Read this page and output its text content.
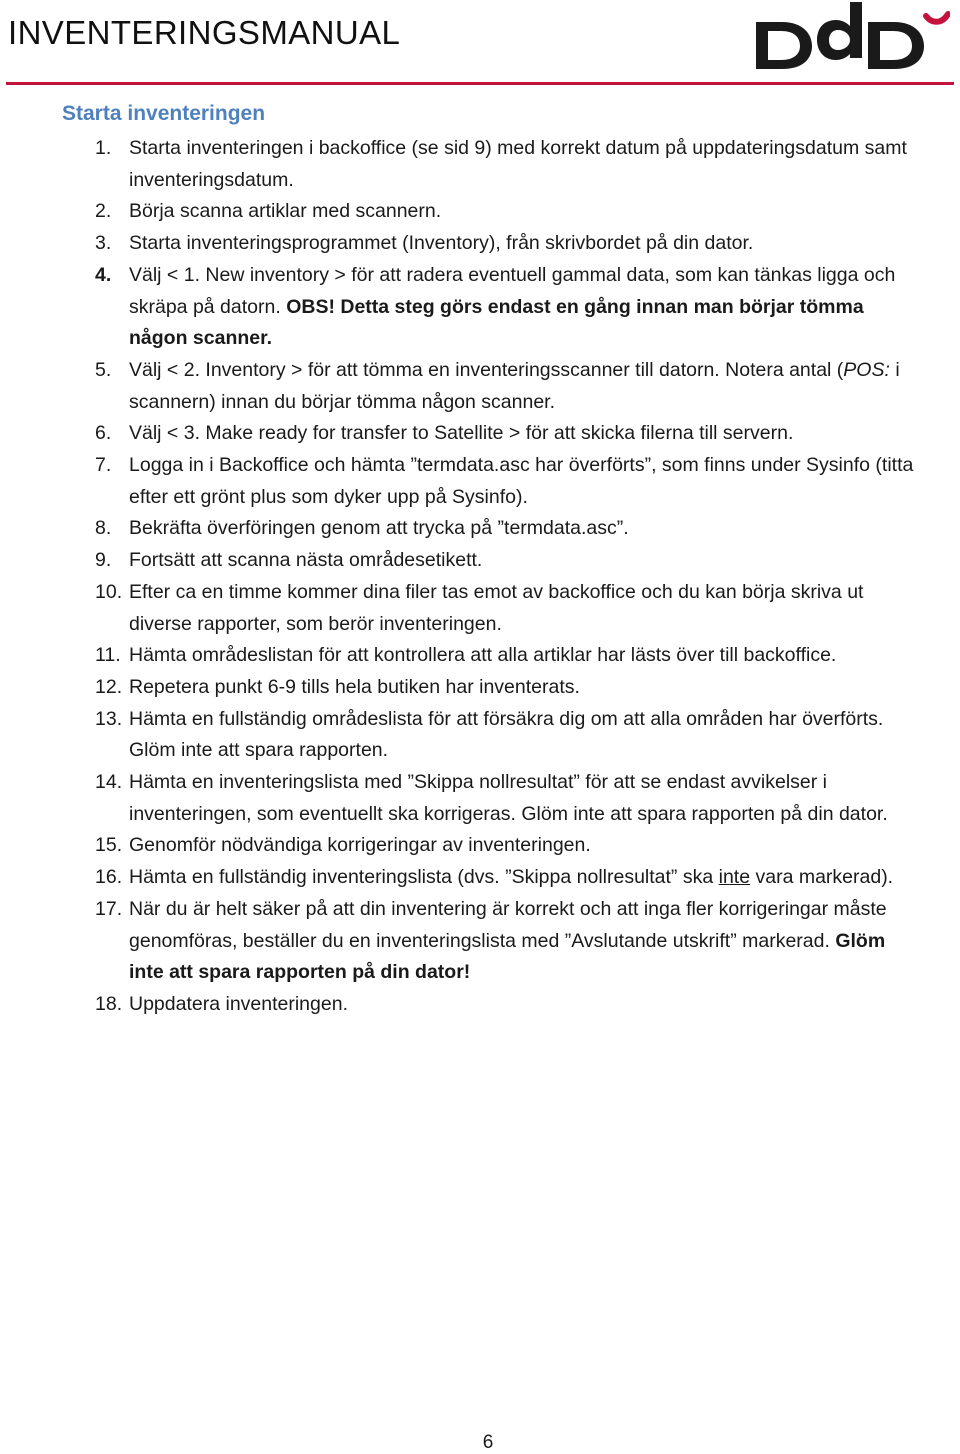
INVENTERINGSMANUAL
Starta inventeringen
1. Starta inventeringen i backoffice (se sid 9) med korrekt datum på uppdateringsdatum samt inventeringsdatum.
2. Börja scanna artiklar med scannern.
3. Starta inventeringsprogrammet (Inventory), från skrivbordet på din dator.
4. Välj < 1. New inventory > för att radera eventuell gammal data, som kan tänkas ligga och skräpa på datorn. OBS! Detta steg görs endast en gång innan man börjar tömma någon scanner.
5. Välj < 2. Inventory > för att tömma en inventeringsscanner till datorn. Notera antal (POS: i scannern) innan du börjar tömma någon scanner.
6. Välj < 3. Make ready for transfer to Satellite > för att skicka filerna till servern.
7. Logga in i Backoffice och hämta ”termdata.asc har överförts”, som finns under Sysinfo (titta efter ett grönt plus som dyker upp på Sysinfo).
8. Bekräfta överföringen genom att trycka på ”termdata.asc”.
9. Fortsätt att scanna nästa områdesetikett.
10. Efter ca en timme kommer dina filer tas emot av backoffice och du kan börja skriva ut diverse rapporter, som berör inventeringen.
11. Hämta områdeslistan för att kontrollera att alla artiklar har lästs över till backoffice.
12. Repetera punkt 6-9 tills hela butiken har inventerats.
13. Hämta en fullständig områdeslista för att försäkra dig om att alla områden har överförts. Glöm inte att spara rapporten.
14. Hämta en inventeringslista med ”Skippa nollresultat” för att se endast avvikelser i inventeringen, som eventuellt ska korrigeras. Glöm inte att spara rapporten på din dator.
15. Genomför nödvändiga korrigeringar av inventeringen.
16. Hämta en fullständig inventeringslista (dvs. ”Skippa nollresultat” ska inte vara markerad).
17. När du är helt säker på att din inventering är korrekt och att inga fler korrigeringar måste genomföras, beställer du en inventeringslista med ”Avslutande utskrift” markerad. Glöm inte att spara rapporten på din dator!
18. Uppdatera inventeringen.
6
